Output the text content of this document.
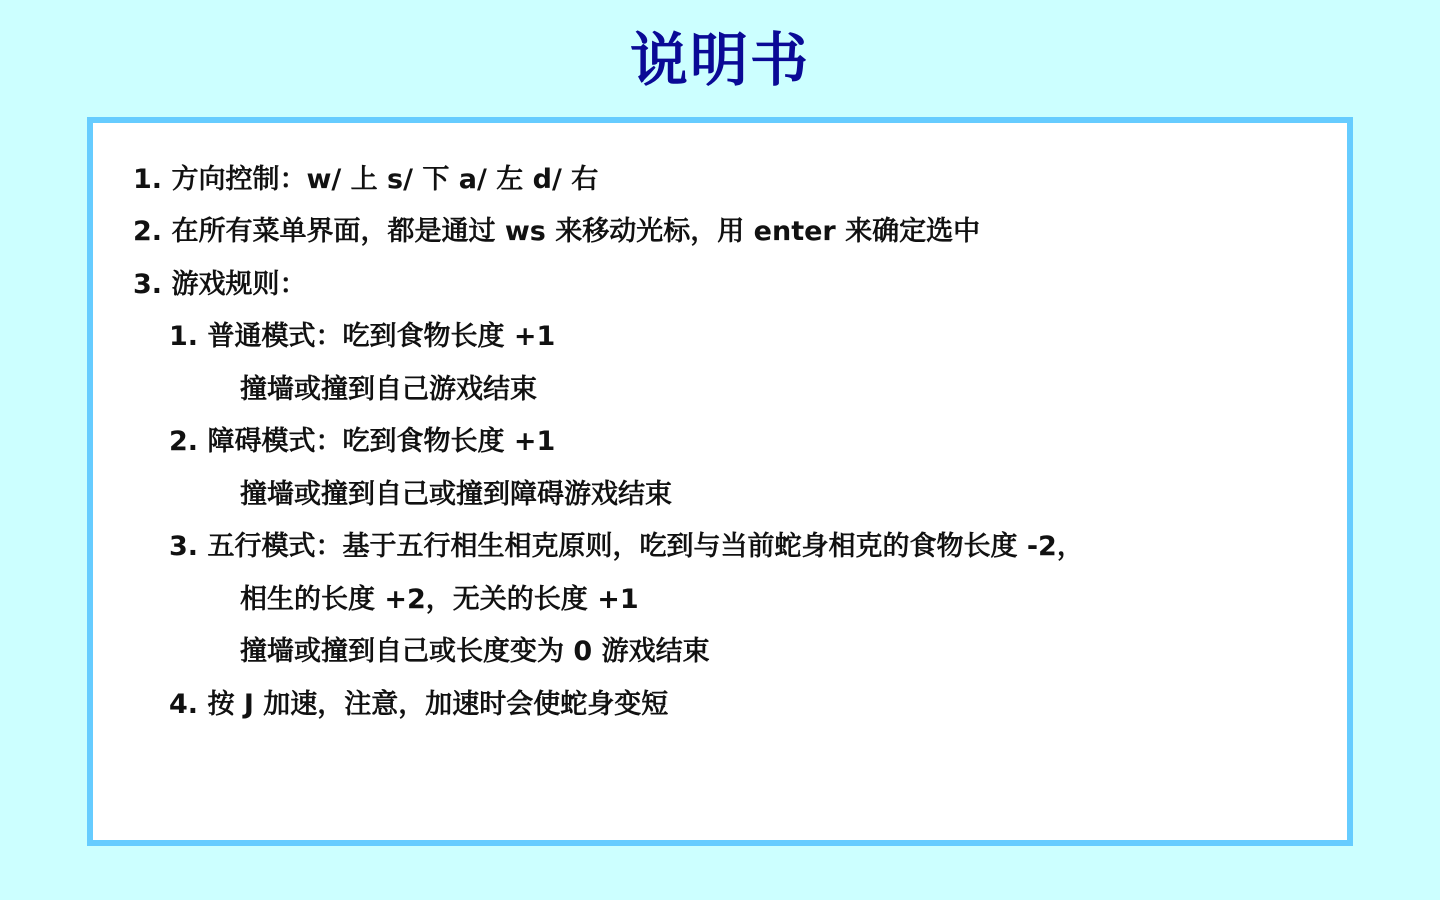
说明书
1. 方向控制：w/ 上 s/ 下 a/ 左 d/ 右
2. 在所有菜单界面，都是通过 ws 来移动光标，用 enter 来确定选中
3. 游戏规则：
1. 普通模式：吃到食物长度 +1
撞墙或撞到自己游戏结束
2. 障碍模式：吃到食物长度 +1
撞墙或撞到自己或撞到障碍游戏结束
3. 五行模式：基于五行相生相克原则，吃到与当前蛇身相克的食物长度 -2，
相生的长度 +2，无关的长度 +1
撞墙或撞到自己或长度变为 0 游戏结束
4. 按 J 加速，注意，加速时会使蛇身变短
